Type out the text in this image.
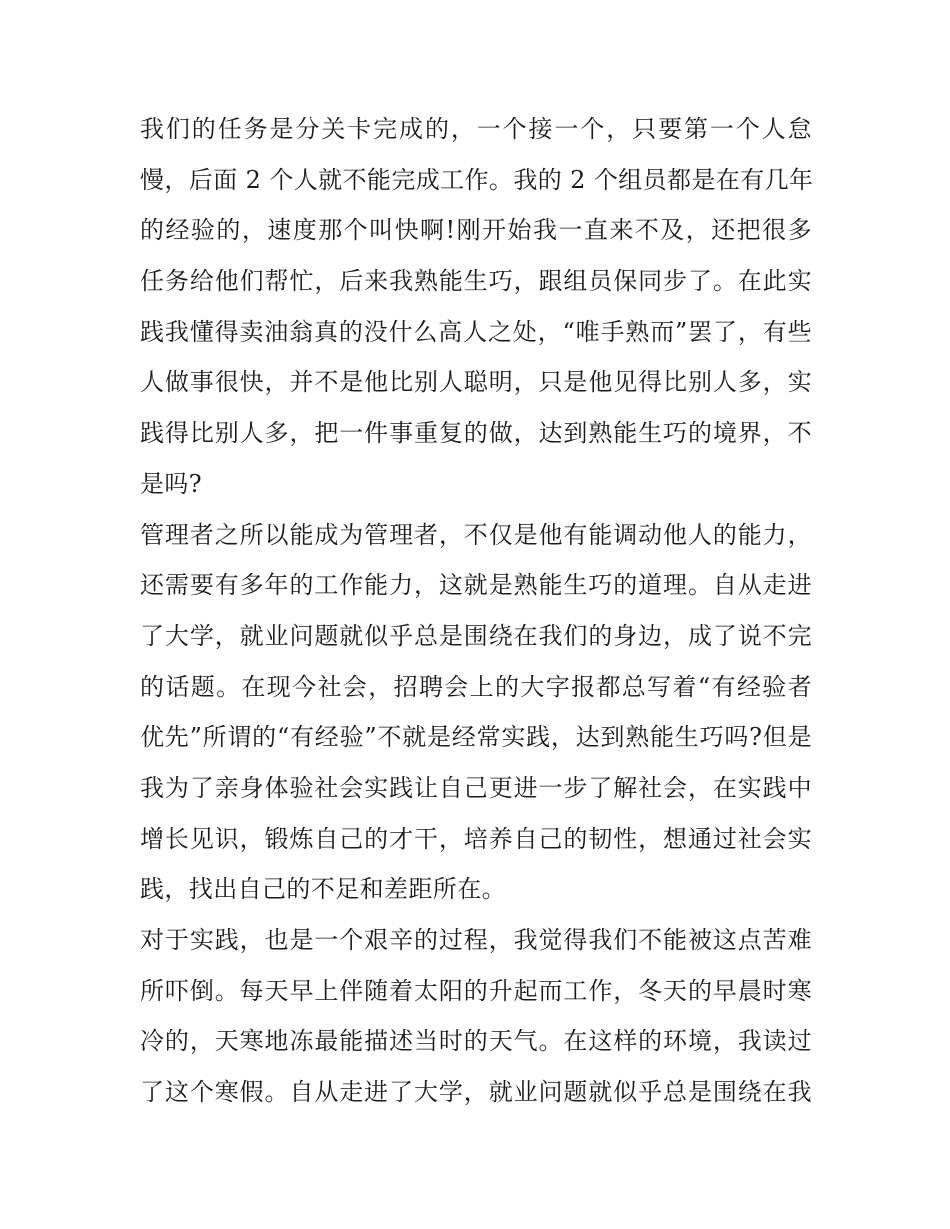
我们的任务是分关卡完成的，一个接一个，只要第一个人怠
慢，后面 2 个人就不能完成工作。我的 2 个组员都是在有几年
的经验的，速度那个叫快啊!刚开始我一直来不及，还把很多
任务给他们帮忙，后来我熟能生巧，跟组员保同步了。在此实
践我懂得卖油翁真的没什么高人之处，“唯手熟而”罢了，有些
人做事很快，并不是他比别人聪明，只是他见得比别人多，实
践得比别人多，把一件事重复的做，达到熟能生巧的境界，不
是吗?
管理者之所以能成为管理者，不仅是他有能调动他人的能力，
还需要有多年的工作能力，这就是熟能生巧的道理。自从走进
了大学，就业问题就似乎总是围绕在我们的身边，成了说不完
的话题。在现今社会，招聘会上的大字报都总写着“有经验者
优先”所谓的“有经验”不就是经常实践，达到熟能生巧吗?但是
我为了亲身体验社会实践让自己更进一步了解社会，在实践中
增长见识，锻炼自己的才干，培养自己的韧性，想通过社会实
践，找出自己的不足和差距所在。
对于实践，也是一个艰辛的过程，我觉得我们不能被这点苦难
所吓倒。每天早上伴随着太阳的升起而工作，冬天的早晨时寒
冷的，天寒地冻最能描述当时的天气。在这样的环境，我读过
了这个寒假。自从走进了大学，就业问题就似乎总是围绕在我
